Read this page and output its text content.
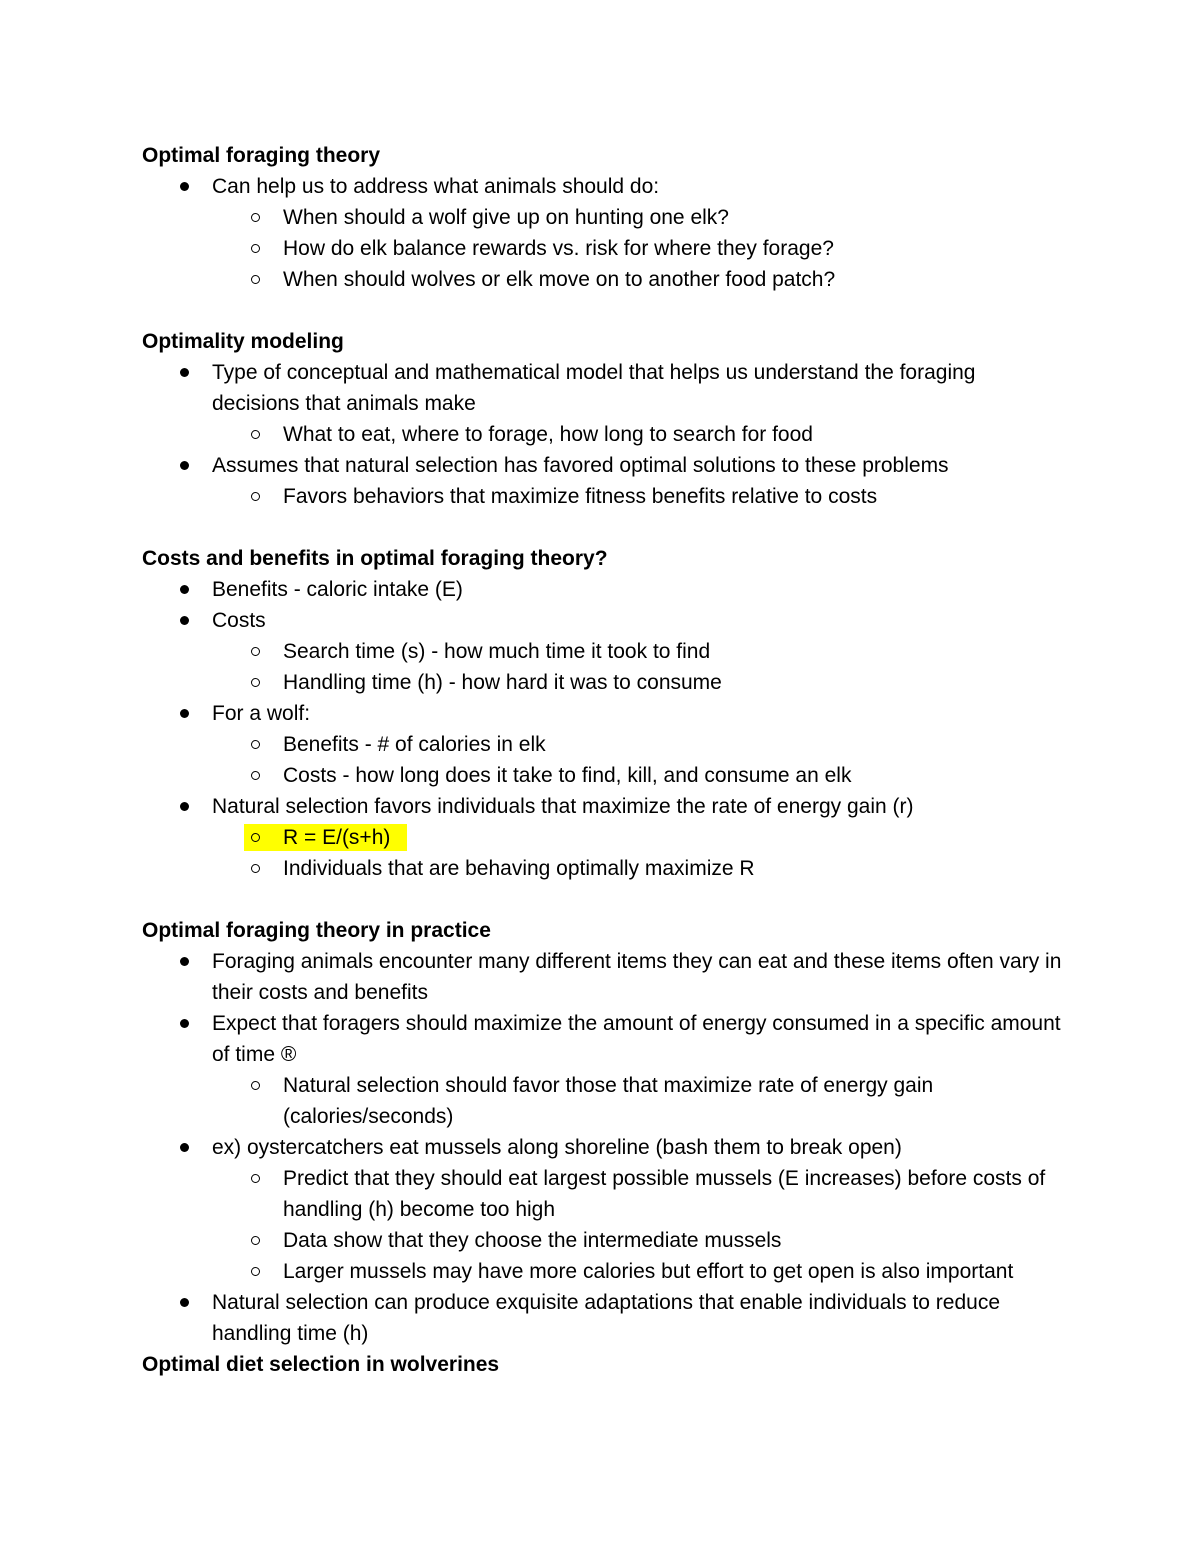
Optimal foraging theory
Can help us to address what animals should do:
When should a wolf give up on hunting one elk?
How do elk balance rewards vs. risk for where they forage?
When should wolves or elk move on to another food patch?
Optimality modeling
Type of conceptual and mathematical model that helps us understand the foraging decisions that animals make
What to eat, where to forage, how long to search for food
Assumes that natural selection has favored optimal solutions to these problems
Favors behaviors that maximize fitness benefits relative to costs
Costs and benefits in optimal foraging theory?
Benefits - caloric intake (E)
Costs
Search time (s) - how much time it took to find
Handling time (h) - how hard it was to consume
For a wolf:
Benefits - # of calories in elk
Costs - how long does it take to find, kill, and consume an elk
Natural selection favors individuals that maximize the rate of energy gain (r)
R = E/(s+h)
Individuals that are behaving optimally maximize R
Optimal foraging theory in practice
Foraging animals encounter many different items they can eat and these items often vary in their costs and benefits
Expect that foragers should maximize the amount of energy consumed in a specific amount of time ®
Natural selection should favor those that maximize rate of energy gain (calories/seconds)
ex) oystercatchers eat mussels along shoreline (bash them to break open)
Predict that they should eat largest possible mussels (E increases) before costs of handling (h) become too high
Data show that they choose the intermediate mussels
Larger mussels may have more calories but effort to get open is also important
Natural selection can produce exquisite adaptations that enable individuals to reduce handling time (h)
Optimal diet selection in wolverines
